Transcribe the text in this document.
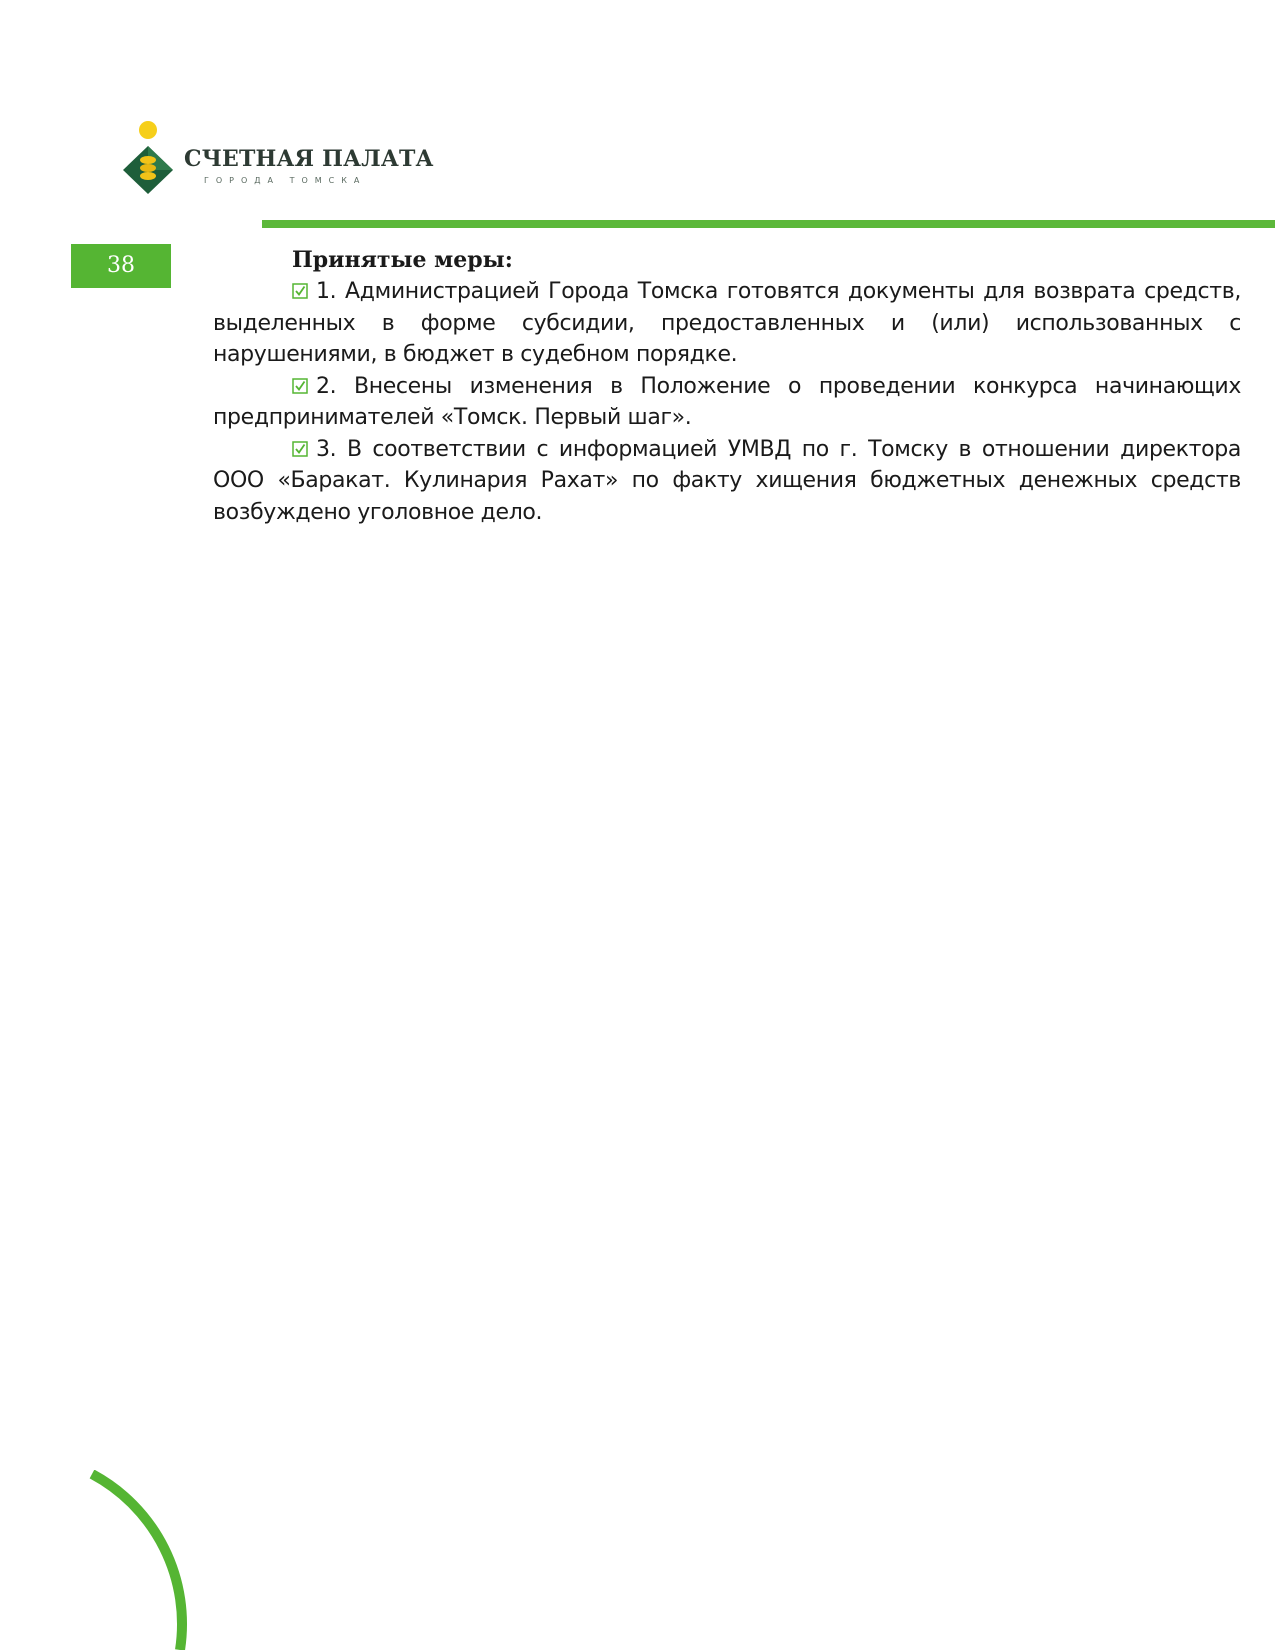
СЧЕТНАЯ ПАЛАТА
ГОРОДА ТОМСКА
38	Принятые меры:

1. Администрацией Города Томска готовятся документы для возврата средств, выделенных в форме субсидии, предоставленных и (или) использованных с нарушениями, в бюджет в судебном порядке.

2. Внесены изменения в Положение о проведении конкурса начинающих предпринимателей «Томск. Первый шаг».

3. В соответствии с информацией УМВД по г. Томску в отношении директора ООО «Баракат. Кулинария Рахат» по факту хищения бюджетных денежных средств возбуждено уголовное дело.
